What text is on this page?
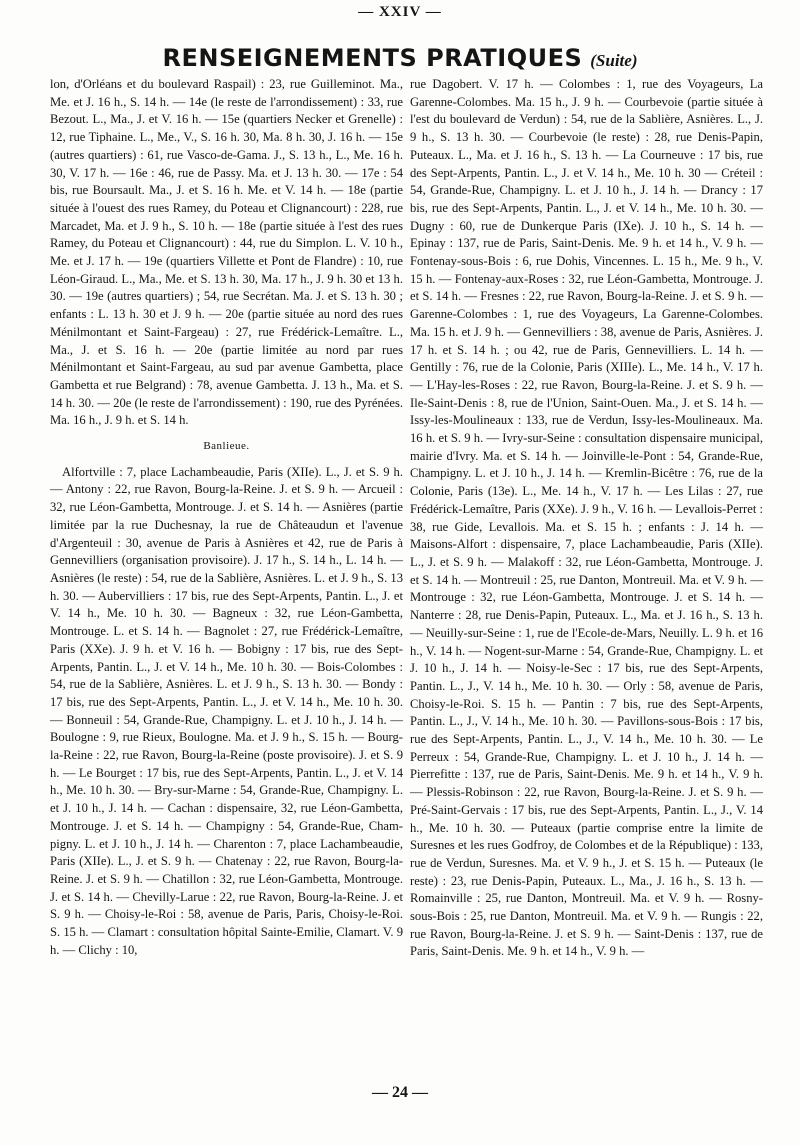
— XXIV —
RENSEIGNEMENTS PRATIQUES (Suite)

lon, d'Orléans et du boulevard Raspail) : 23, rue Guilleminot. Ma., Me. et J. 16 h., S. 14 h. — 14e (le reste de l'arrondissement) : 33, rue Bezout. L., Ma., J. et V. 16 h. — 15e (quartiers Necker et Grenelle) : 12, rue Tiphaine. L., Me., V., S. 16 h. 30, Ma. 8 h. 30, J. 16 h. — 15e (autres quartiers) : 61, rue Vasco-de-Gama. J., S. 13 h., L., Me. 16 h. 30, V. 17 h. — 16e : 46, rue de Passy. Ma. et J. 13 h. 30. — 17e : 54 bis, rue Boursault. Ma., J. et S. 16 h. Me. et V. 14 h. — 18e (partie située à l'ouest des rues Ramey, du Poteau et Clignancourt) : 228, rue Marcadet, Ma. et J. 9 h., S. 10 h. — 18e (partie située à l'est des rues Ramey, du Poteau et Clignancourt) : 44, rue du Simplon. L. V. 10 h., Me. et J. 17 h. — 19e (quartiers Villette et Pont de Flandre) : 10, rue Léon-Giraud. L., Ma., Me. et S. 13 h. 30, Ma. 17 h., J. 9 h. 30 et 13 h. 30. — 19e (autres quartiers) ; 54, rue Secrétan. Ma. J. et S. 13 h. 30 ; enfants : L. 13 h. 30 et J. 9 h. — 20e (partie située au nord des rues Ménilmontant et Saint-Fargeau) : 27, rue Frédérick-Lemaître. L., Ma., J. et S. 16 h. — 20e (partie limitée au nord par rues Ménilmontant et Saint-Fargeau, au sud par avenue Gambetta, place Gambetta et rue Belgrand) : 78, avenue Gambetta. J. 13 h., Ma. et S. 14 h. 30. — 20e (le reste de l'arrondissement) : 190, rue des Pyrénées. Ma. 16 h., J. 9 h. et S. 14 h.

Banlieue.

Alfortville : 7, place Lachambeaudie, Paris (XIIe). L., J. et S. 9 h. — Antony : 22, rue Ravon, Bourg-la-Reine. J. et S. 9 h. — Arcueil : 32, rue Léon-Gambetta, Montrouge. J. et S. 14 h. — Asnières (partie limitée par la rue Duchesnay, la rue de Châteaudun et l'avenue d'Argenteuil : 30, avenue de Paris à Asnières et 42, rue de Paris à Gennevilliers (organisation provisoire). J. 17 h., S. 14 h., L. 14 h. — Asnières (le reste) : 54, rue de la Sablière, Asnières. L. et J. 9 h., S. 13 h. 30. — Aubervilliers : 17 bis, rue des Sept-Arpents, Pantin. L., J. et V. 14 h., Me. 10 h. 30. — Bagneux : 32, rue Léon-Gambetta, Montrouge. L. et S. 14 h. — Bagnolet : 27, rue Frédérick-Lemaître, Paris (XXe). J. 9 h. et V. 16 h. — Bobigny : 17 bis, rue des Sept-Arpents, Pantin. L., J. et V. 14 h., Me. 10 h. 30. — Bois-Colombes : 54, rue de la Sablière, Asnières. L. et J. 9 h., S. 13 h. 30. — Bondy : 17 bis, rue des Sept-Arpents, Pantin. L., J. et V. 14 h., Me. 10 h. 30. — Bonneuil : 54, Grande-Rue, Champigny. L. et J. 10 h., J. 14 h. — Boulogne : 9, rue Rieux, Boulogne. Ma. et J. 9 h., S. 15 h. — Bourg-la-Reine : 22, rue Ravon, Bourg-la-Reine (poste provisoire). J. et S. 9 h. — Le Bourget : 17 bis, rue des Sept-Arpents, Pantin. L., J. et V. 14 h., Me. 10 h. 30. — Bry-sur-Marne : 54, Grande-Rue, Champigny. L. et J. 10 h., J. 14 h. — Cachan : dispensaire, 32, rue Léon-Gambetta, Montrouge. J. et S. 14 h. — Champigny : 54, Grande-Rue, Champigny. L. et J. 10 h., J. 14 h. — Charenton : 7, place Lachambeaudie, Paris (XIIe). L., J. et S. 9 h. — Chatenay : 22, rue Ravon, Bourg-la-Reine. J. et S. 9 h. — Chatillon : 32, rue Léon-Gambetta, Montrouge. J. et S. 14 h. — Chevilly-Larue : 22, rue Ravon, Bourg-la-Reine. J. et S. 9 h. — Choisy-le-Roi : 58, avenue de Paris, Paris, Choisy-le-Roi. S. 15 h. — Clamart : consultation hôpital Sainte-Emilie, Clamart. V. 9 h. — Clichy : 10,

rue Dagobert. V. 17 h. — Colombes : 1, rue des Voyageurs, La Garenne-Colombes. Ma. 15 h., J. 9 h. — Courbevoie (partie située à l'est du boulevard de Verdun) : 54, rue de la Sablière, Asnières. L., J. 9 h., S. 13 h. 30. — Courbevoie (le reste) : 28, rue Denis-Papin, Puteaux. L., Ma. et J. 16 h., S. 13 h. — La Courneuve : 17 bis, rue des Sept-Arpents, Pantin. L., J. et V. 14 h., Me. 10 h. 30 — Créteil : 54, Grande-Rue, Champigny. L. et J. 10 h., J. 14 h. — Drancy : 17 bis, rue des Sept-Arpents, Pantin. L., J. et V. 14 h., Me. 10 h. 30. — Dugny : 60, rue de Dunkerque Paris (IXe). J. 10 h., S. 14 h. — Epinay : 137, rue de Paris, Saint-Denis. Me. 9 h. et 14 h., V. 9 h. — Fontenay-sous-Bois : 6, rue Dohis, Vincennes. L. 15 h., Me. 9 h., V. 15 h. — Fontenay-aux-Roses : 32, rue Léon-Gambetta, Montrouge. J. et S. 14 h. — Fresnes : 22, rue Ravon, Bourg-la-Reine. J. et S. 9 h. — Garenne-Colombes : 1, rue des Voyageurs, La Garenne-Colombes. Ma. 15 h. et J. 9 h. — Gennevilliers : 38, avenue de Paris, Asnières. J. 17 h. et S. 14 h. ; ou 42, rue de Paris, Gennevilliers. L. 14 h. — Gentilly : 76, rue de la Colonie, Paris (XIIIe). L., Me. 14 h., V. 17 h. — L'Hay-les-Roses : 22, rue Ravon, Bourg-la-Reine. J. et S. 9 h. — Ile-Saint-Denis : 8, rue de l'Union, Saint-Ouen. Ma., J. et S. 14 h. — Issy-les-Moulineaux : 133, rue de Verdun, Issy-les-Moulineaux. Ma. 16 h. et S. 9 h. — Ivry-sur-Seine : consultation dispensaire municipal, mairie d'Ivry. Ma. et S. 14 h. — Joinville-le-Pont : 54, Grande-Rue, Champigny. L. et J. 10 h., J. 14 h. — Kremlin-Bicêtre : 76, rue de la Colonie, Paris (13e). L., Me. 14 h., V. 17 h. — Les Lilas : 27, rue Frédérick-Lemaître, Paris (XXe). J. 9 h., V. 16 h. — Levallois-Perret : 38, rue Gide, Levallois. Ma. et S. 15 h. ; enfants : J. 14 h. — Maisons-Alfort : dispensaire, 7, place Lachambeaudie, Paris (XIIe). L., J. et S. 9 h. — Malakoff : 32, rue Léon-Gambetta, Montrouge. J. et S. 14 h. — Montreuil : 25, rue Danton, Montreuil. Ma. et V. 9 h. — Montrouge : 32, rue Léon-Gambetta, Montrouge. J. et S. 14 h. — Nanterre : 28, rue Denis-Papin, Puteaux. L., Ma. et J. 16 h., S. 13 h. — Neuilly-sur-Seine : 1, rue de l'Ecole-de-Mars, Neuilly. L. 9 h. et 16 h., V. 14 h. — Nogent-sur-Marne : 54, Grande-Rue, Champigny. L. et J. 10 h., J. 14 h. — Noisy-le-Sec : 17 bis, rue des Sept-Arpents, Pantin. L., J., V. 14 h., Me. 10 h. 30. — Orly : 58, avenue de Paris, Choisy-le-Roi. S. 15 h. — Pantin : 7 bis, rue des Sept-Arpents, Pantin. L., J., V. 14 h., Me. 10 h. 30. — Pavillons-sous-Bois : 17 bis, rue des Sept-Arpents, Pantin. L., J., V. 14 h., Me. 10 h. 30. — Le Perreux : 54, Grande-Rue, Champigny. L. et J. 10 h., J. 14 h. — Pierrefitte : 137, rue de Paris, Saint-Denis. Me. 9 h. et 14 h., V. 9 h. — Plessis-Robinson : 22, rue Ravon, Bourg-la-Reine. J. et S. 9 h. — Pré-Saint-Gervais : 17 bis, rue des Sept-Arpents, Pantin. L., J., V. 14 h., Me. 10 h. 30. — Puteaux (partie comprise entre la limite de Suresnes et les rues Godfroy, de Colombes et de la République) : 133, rue de Verdun, Suresnes. Ma. et V. 9 h., J. et S. 15 h. — Puteaux (le reste) : 23, rue Denis-Papin, Puteaux. L., Ma., J. 16 h., S. 13 h. — Romainville : 25, rue Danton, Montreuil. Ma. et V. 9 h. — Rosny-sous-Bois : 25, rue Danton, Montreuil. Ma. et V. 9 h. — Rungis : 22, rue Ravon, Bourg-la-Reine. J. et S. 9 h. — Saint-Denis : 137, rue de Paris, Saint-Denis. Me. 9 h. et 14 h., V. 9 h. —

— 24 —
